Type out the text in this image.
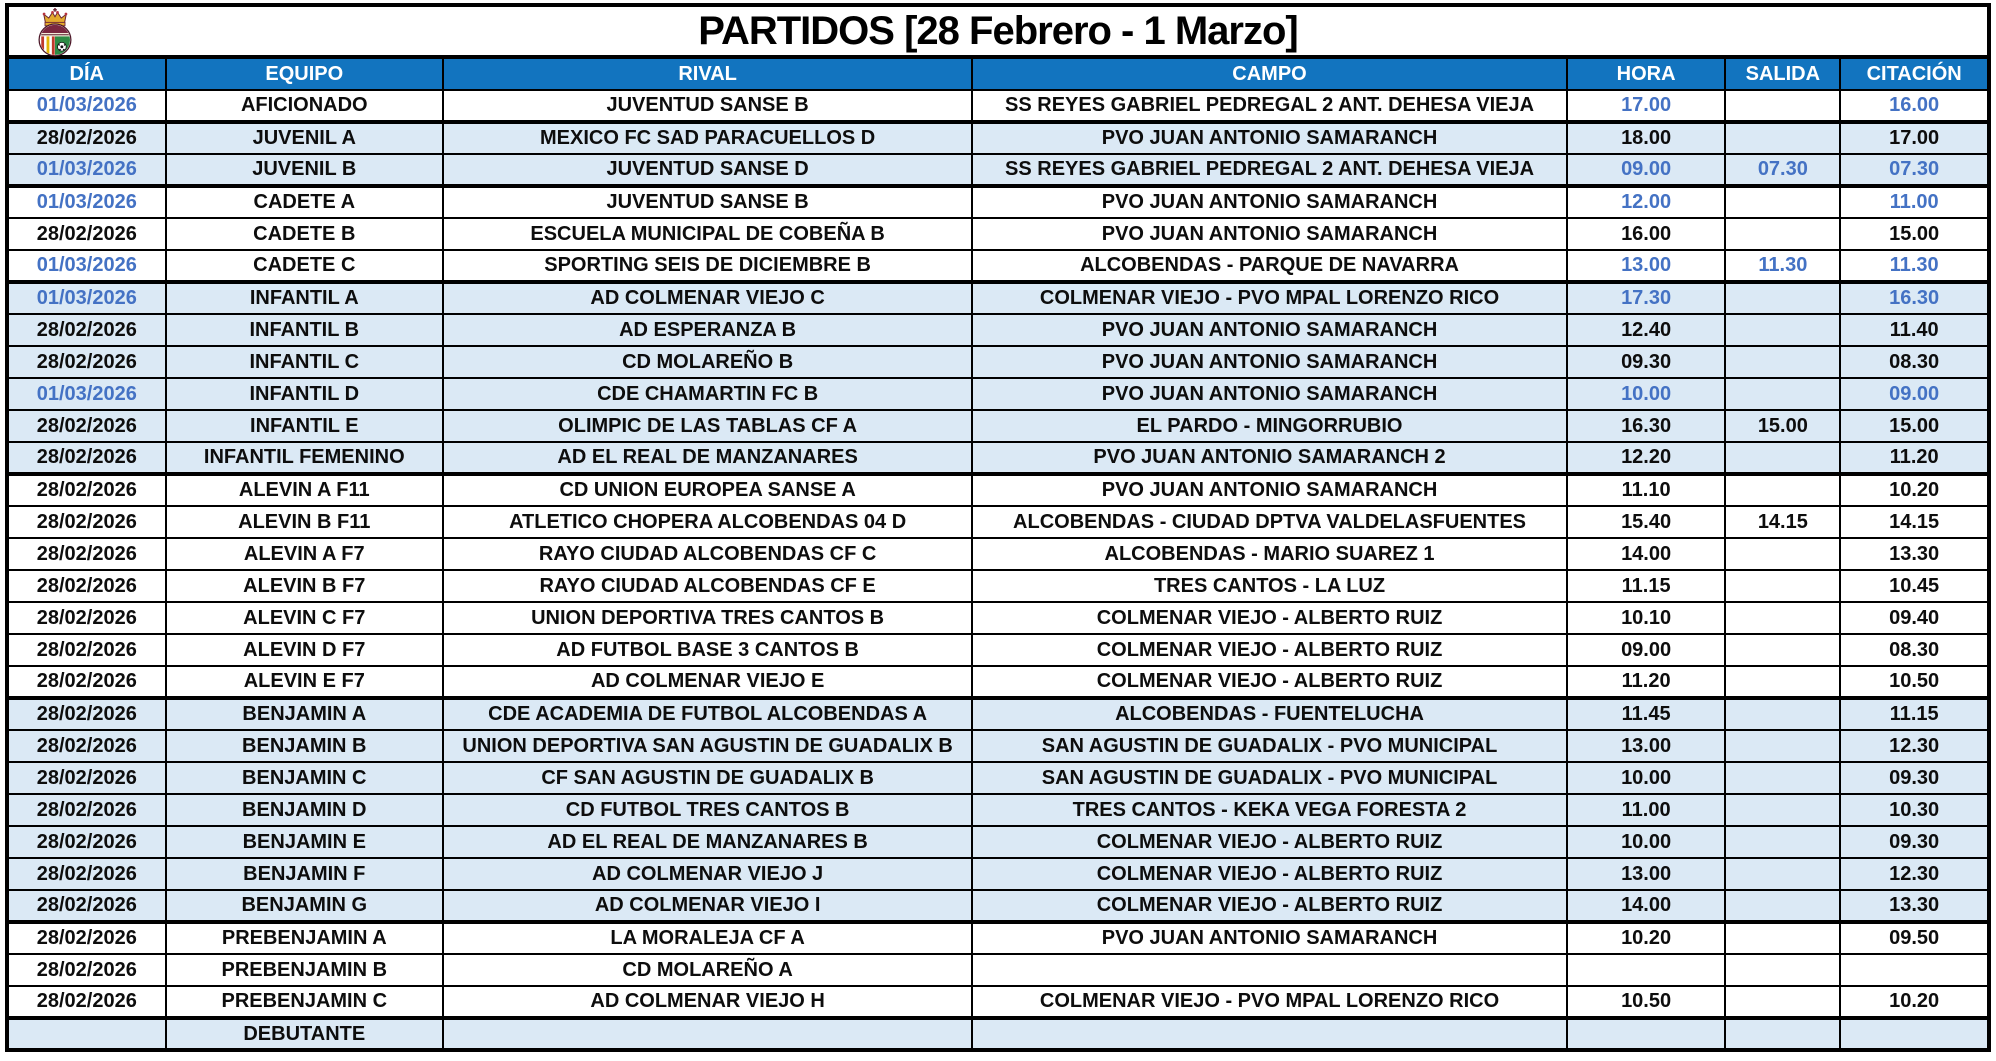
PARTIDOS [28 Febrero - 1 Marzo]
DÍA	EQUIPO	RIVAL	CAMPO	HORA	SALIDA	CITACIÓN
01/03/2026	AFICIONADO	JUVENTUD SANSE B	SS REYES GABRIEL PEDREGAL 2 ANT. DEHESA VIEJA	17.00		16.00
28/02/2026	JUVENIL A	MEXICO FC SAD PARACUELLOS D	PVO JUAN ANTONIO SAMARANCH	18.00		17.00
01/03/2026	JUVENIL B	JUVENTUD SANSE D	SS REYES GABRIEL PEDREGAL 2 ANT. DEHESA VIEJA	09.00	07.30	07.30
01/03/2026	CADETE A	JUVENTUD SANSE B	PVO JUAN ANTONIO SAMARANCH	12.00		11.00
28/02/2026	CADETE B	ESCUELA MUNICIPAL DE COBEÑA B	PVO JUAN ANTONIO SAMARANCH	16.00		15.00
01/03/2026	CADETE C	SPORTING SEIS DE DICIEMBRE B	ALCOBENDAS - PARQUE DE NAVARRA	13.00	11.30	11.30
01/03/2026	INFANTIL A	AD COLMENAR VIEJO C	COLMENAR VIEJO - PVO MPAL LORENZO RICO	17.30		16.30
28/02/2026	INFANTIL B	AD ESPERANZA B	PVO JUAN ANTONIO SAMARANCH	12.40		11.40
28/02/2026	INFANTIL C	CD MOLAREÑO B	PVO JUAN ANTONIO SAMARANCH	09.30		08.30
01/03/2026	INFANTIL D	CDE CHAMARTIN FC B	PVO JUAN ANTONIO SAMARANCH	10.00		09.00
28/02/2026	INFANTIL E	OLIMPIC DE LAS TABLAS CF A	EL PARDO - MINGORRUBIO	16.30	15.00	15.00
28/02/2026	INFANTIL FEMENINO	AD EL REAL DE MANZANARES	PVO JUAN ANTONIO SAMARANCH 2	12.20		11.20
28/02/2026	ALEVIN A F11	CD UNION EUROPEA SANSE A	PVO JUAN ANTONIO SAMARANCH	11.10		10.20
28/02/2026	ALEVIN B F11	ATLETICO CHOPERA ALCOBENDAS 04 D	ALCOBENDAS - CIUDAD DPTVA VALDELASFUENTES	15.40	14.15	14.15
28/02/2026	ALEVIN A F7	RAYO CIUDAD ALCOBENDAS CF C	ALCOBENDAS - MARIO SUAREZ 1	14.00		13.30
28/02/2026	ALEVIN B F7	RAYO CIUDAD ALCOBENDAS CF E	TRES CANTOS - LA LUZ	11.15		10.45
28/02/2026	ALEVIN C F7	UNION DEPORTIVA TRES CANTOS B	COLMENAR VIEJO - ALBERTO RUIZ	10.10		09.40
28/02/2026	ALEVIN D F7	AD FUTBOL BASE 3 CANTOS B	COLMENAR VIEJO - ALBERTO RUIZ	09.00		08.30
28/02/2026	ALEVIN E F7	AD COLMENAR VIEJO E	COLMENAR VIEJO - ALBERTO RUIZ	11.20		10.50
28/02/2026	BENJAMIN A	CDE ACADEMIA DE FUTBOL ALCOBENDAS A	ALCOBENDAS - FUENTELUCHA	11.45		11.15
28/02/2026	BENJAMIN B	UNION DEPORTIVA SAN AGUSTIN DE GUADALIX B	SAN AGUSTIN DE GUADALIX - PVO MUNICIPAL	13.00		12.30
28/02/2026	BENJAMIN C	CF SAN AGUSTIN DE GUADALIX B	SAN AGUSTIN DE GUADALIX - PVO MUNICIPAL	10.00		09.30
28/02/2026	BENJAMIN D	CD FUTBOL TRES CANTOS B	TRES CANTOS - KEKA VEGA FORESTA 2	11.00		10.30
28/02/2026	BENJAMIN E	AD EL REAL DE MANZANARES B	COLMENAR VIEJO - ALBERTO RUIZ	10.00		09.30
28/02/2026	BENJAMIN F	AD COLMENAR VIEJO J	COLMENAR VIEJO - ALBERTO RUIZ	13.00		12.30
28/02/2026	BENJAMIN G	AD COLMENAR VIEJO I	COLMENAR VIEJO - ALBERTO RUIZ	14.00		13.30
28/02/2026	PREBENJAMIN A	LA MORALEJA CF A	PVO JUAN ANTONIO SAMARANCH	10.20		09.50
28/02/2026	PREBENJAMIN B	CD MOLAREÑO A				
28/02/2026	PREBENJAMIN C	AD COLMENAR VIEJO H	COLMENAR VIEJO - PVO MPAL LORENZO RICO	10.50		10.20
	DEBUTANTE					
